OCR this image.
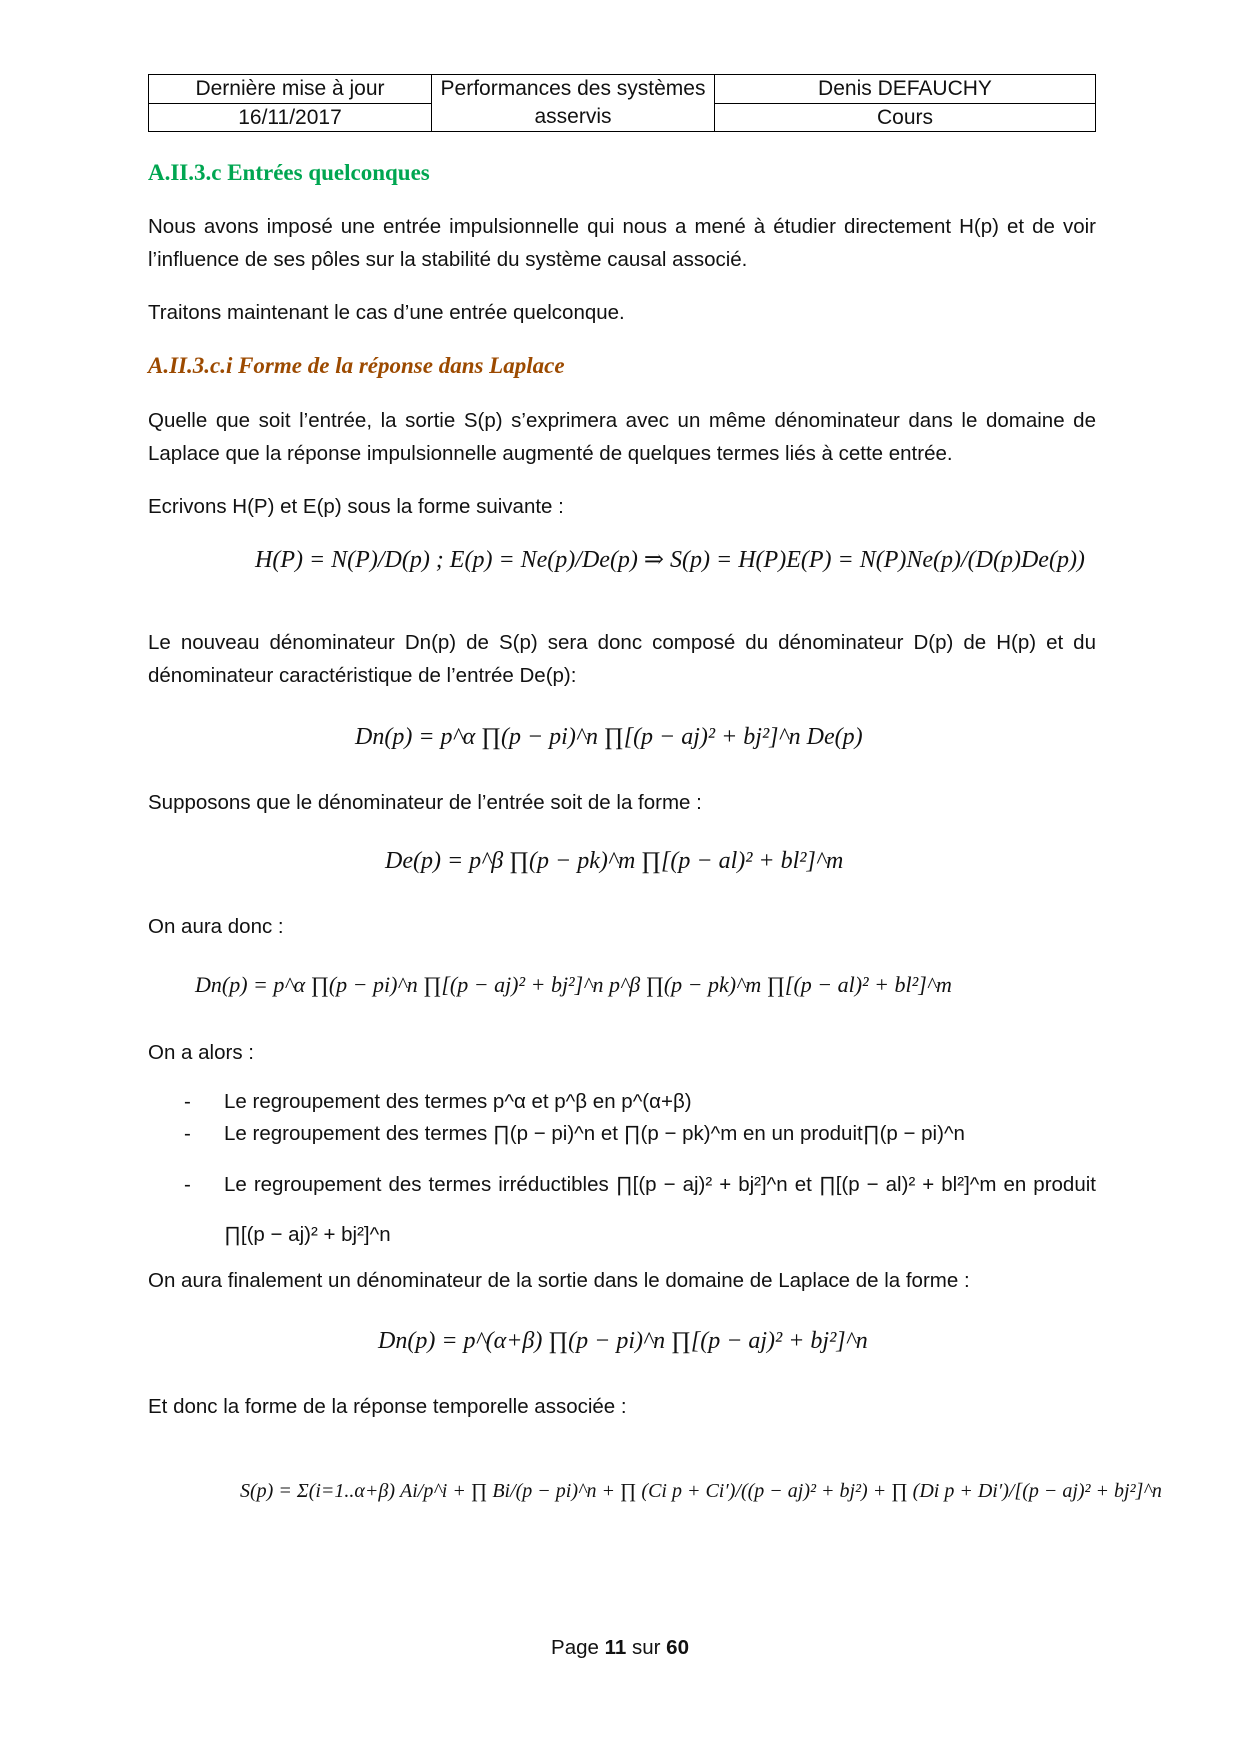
Dernière mise à jour	Performances des systèmes asservis	Denis DEFAUCHY
16/11/2017		Cours
A.II.3.c Entrées quelconques
Nous avons imposé une entrée impulsionnelle qui nous a mené à étudier directement H(p) et de voir l’influence de ses pôles sur la stabilité du système causal associé.
Traitons maintenant le cas d’une entrée quelconque.
A.II.3.c.i Forme de la réponse dans Laplace
Quelle que soit l’entrée, la sortie S(p) s’exprimera avec un même dénominateur dans le domaine de Laplace que la réponse impulsionnelle augmenté de quelques termes liés à cette entrée.
Ecrivons H(P) et E(p) sous la forme suivante :
H(P) = N(P)/D(p) ; E(p) = Ne(p)/De(p) ⇒ S(p) = H(P)E(P) = N(P)Ne(p)/(D(p)De(p))
Le nouveau dénominateur Dn(p) de S(p) sera donc composé du dénominateur D(p) de H(p) et du dénominateur caractéristique de l’entrée De(p):
Dn(p) = p^α ∏(p − pi)^n ∏[(p − aj)² + bj²]^n De(p)
Supposons que le dénominateur de l’entrée soit de la forme :
De(p) = p^β ∏(p − pk)^m ∏[(p − al)² + bl²]^m
On aura donc :
Dn(p) = p^α ∏(p − pi)^n ∏[(p − aj)² + bj²]^n p^β ∏(p − pk)^m ∏[(p − al)² + bl²]^m
On a alors :
- Le regroupement des termes p^α et p^β en p^(α+β)
- Le regroupement des termes ∏(p − pi)^n et ∏(p − pk)^m en un produit∏(p − pi)^n
- Le regroupement des termes irréductibles ∏[(p − aj)² + bj²]^n et ∏[(p − al)² + bl²]^m en produit ∏[(p − aj)² + bj²]^n
On aura finalement un dénominateur de la sortie dans le domaine de Laplace de la forme :
Dn(p) = p^(α+β) ∏(p − pi)^n ∏[(p − aj)² + bj²]^n
Et donc la forme de la réponse temporelle associée :
S(p) = Σ(i=1..α+β) Ai/p^i + ∏ Bi/(p − pi)^n + ∏ (Ci p + Ci′)/((p − aj)² + bj²) + ∏ (Di p + Di′)/[(p − aj)² + bj²]^n
Page 11 sur 60
